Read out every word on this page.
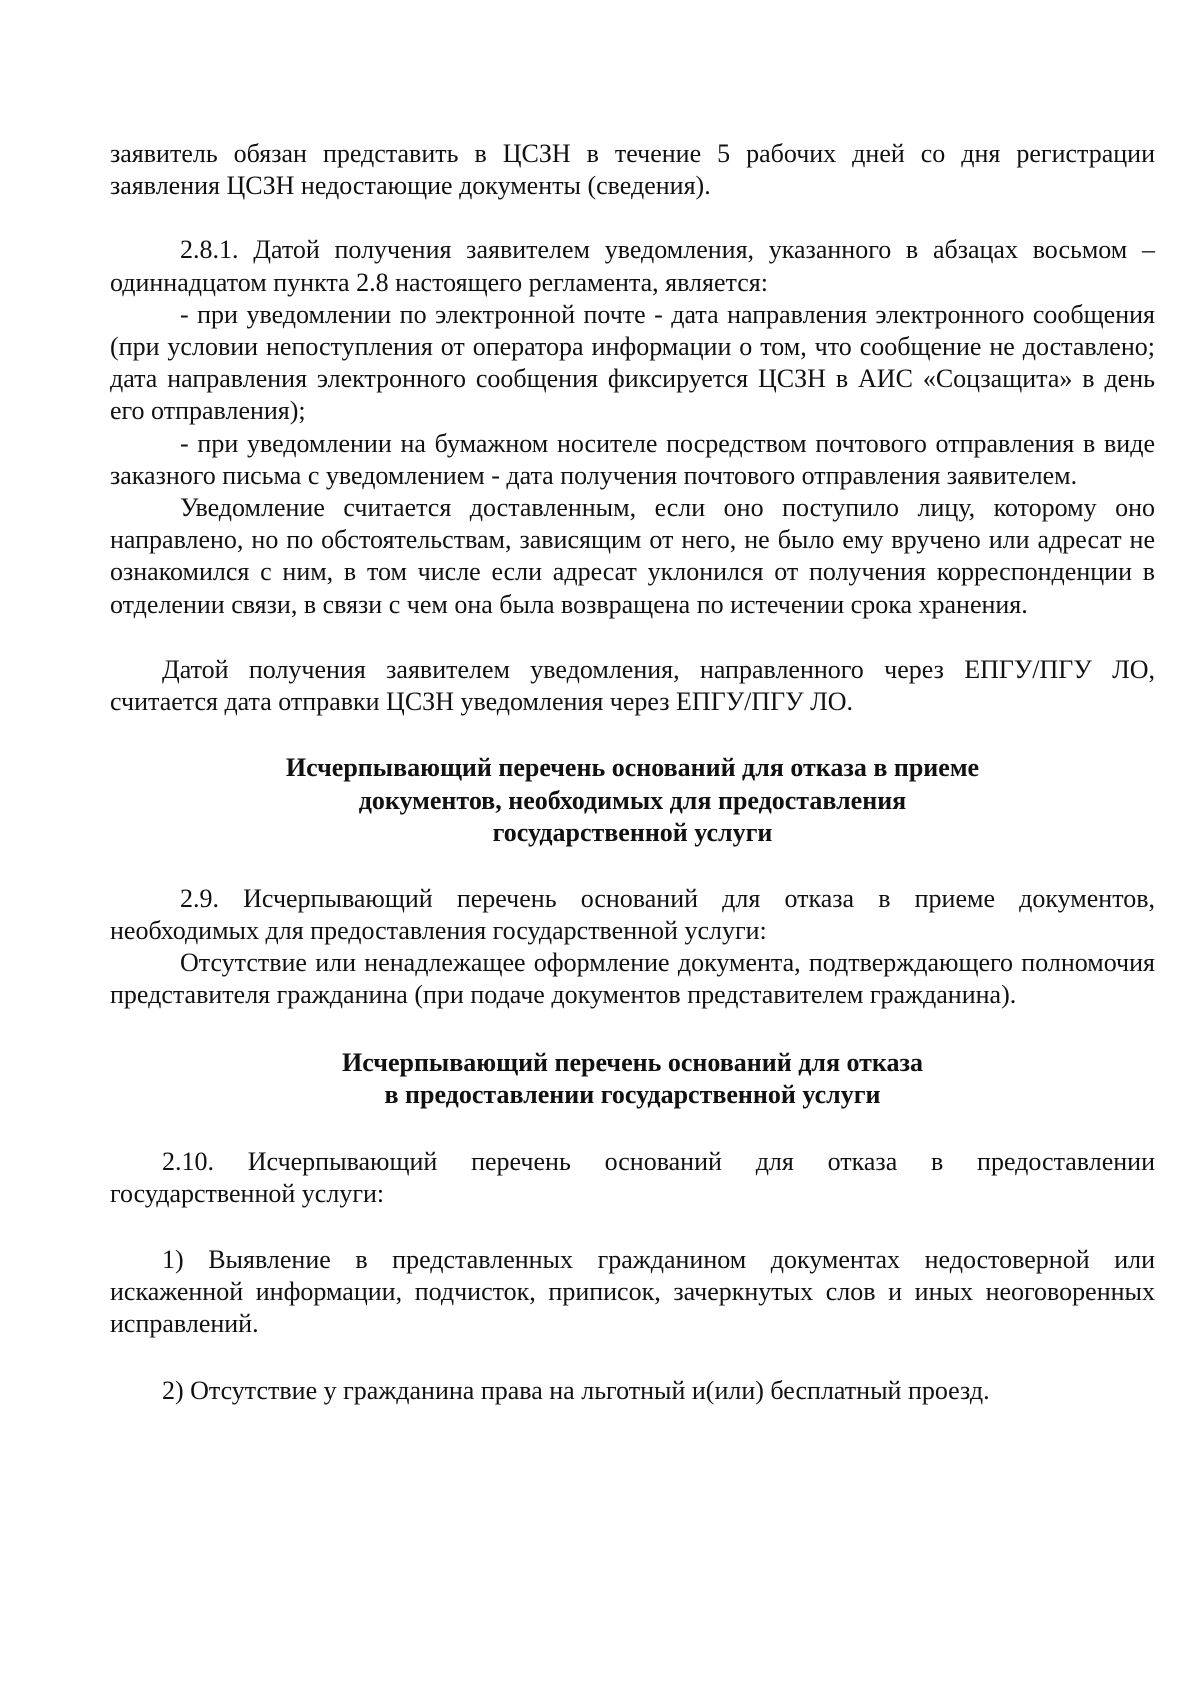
заявитель обязан представить в ЦСЗН в течение 5 рабочих дней со дня регистрации заявления ЦСЗН недостающие документы (сведения).

2.8.1. Датой получения заявителем уведомления, указанного в абзацах восьмом – одиннадцатом пункта 2.8 настоящего регламента, является:

- при уведомлении по электронной почте - дата направления электронного сообщения (при условии непоступления от оператора информации о том, что сообщение не доставлено; дата направления электронного сообщения фиксируется ЦСЗН в АИС «Соцзащита» в день его отправления);

- при уведомлении на бумажном носителе посредством почтового отправления в виде заказного письма с уведомлением - дата получения почтового отправления заявителем.

Уведомление считается доставленным, если оно поступило лицу, которому оно направлено, но по обстоятельствам, зависящим от него, не было ему вручено или адресат не ознакомился с ним, в том числе если адресат уклонился от получения корреспонденции в отделении связи, в связи с чем она была возвращена по истечении срока хранения.

Датой получения заявителем уведомления, направленного через ЕПГУ/ПГУ ЛО, считается дата отправки ЦСЗН уведомления через ЕПГУ/ПГУ ЛО.

Исчерпывающий перечень оснований для отказа в приеме

документов, необходимых для предоставления

государственной услуги

2.9. Исчерпывающий перечень оснований для отказа в приеме документов, необходимых для предоставления государственной услуги:

Отсутствие или ненадлежащее оформление документа, подтверждающего полномочия представителя гражданина (при подаче документов представителем гражданина).

Исчерпывающий перечень оснований для отказа

в предоставлении государственной услуги

2.10. Исчерпывающий перечень оснований для отказа в предоставлении государственной услуги:

1) Выявление в представленных гражданином документах недостоверной или искаженной информации, подчисток, приписок, зачеркнутых слов и иных неоговоренных исправлений.

2) Отсутствие у гражданина права на льготный и(или) бесплатный проезд.
